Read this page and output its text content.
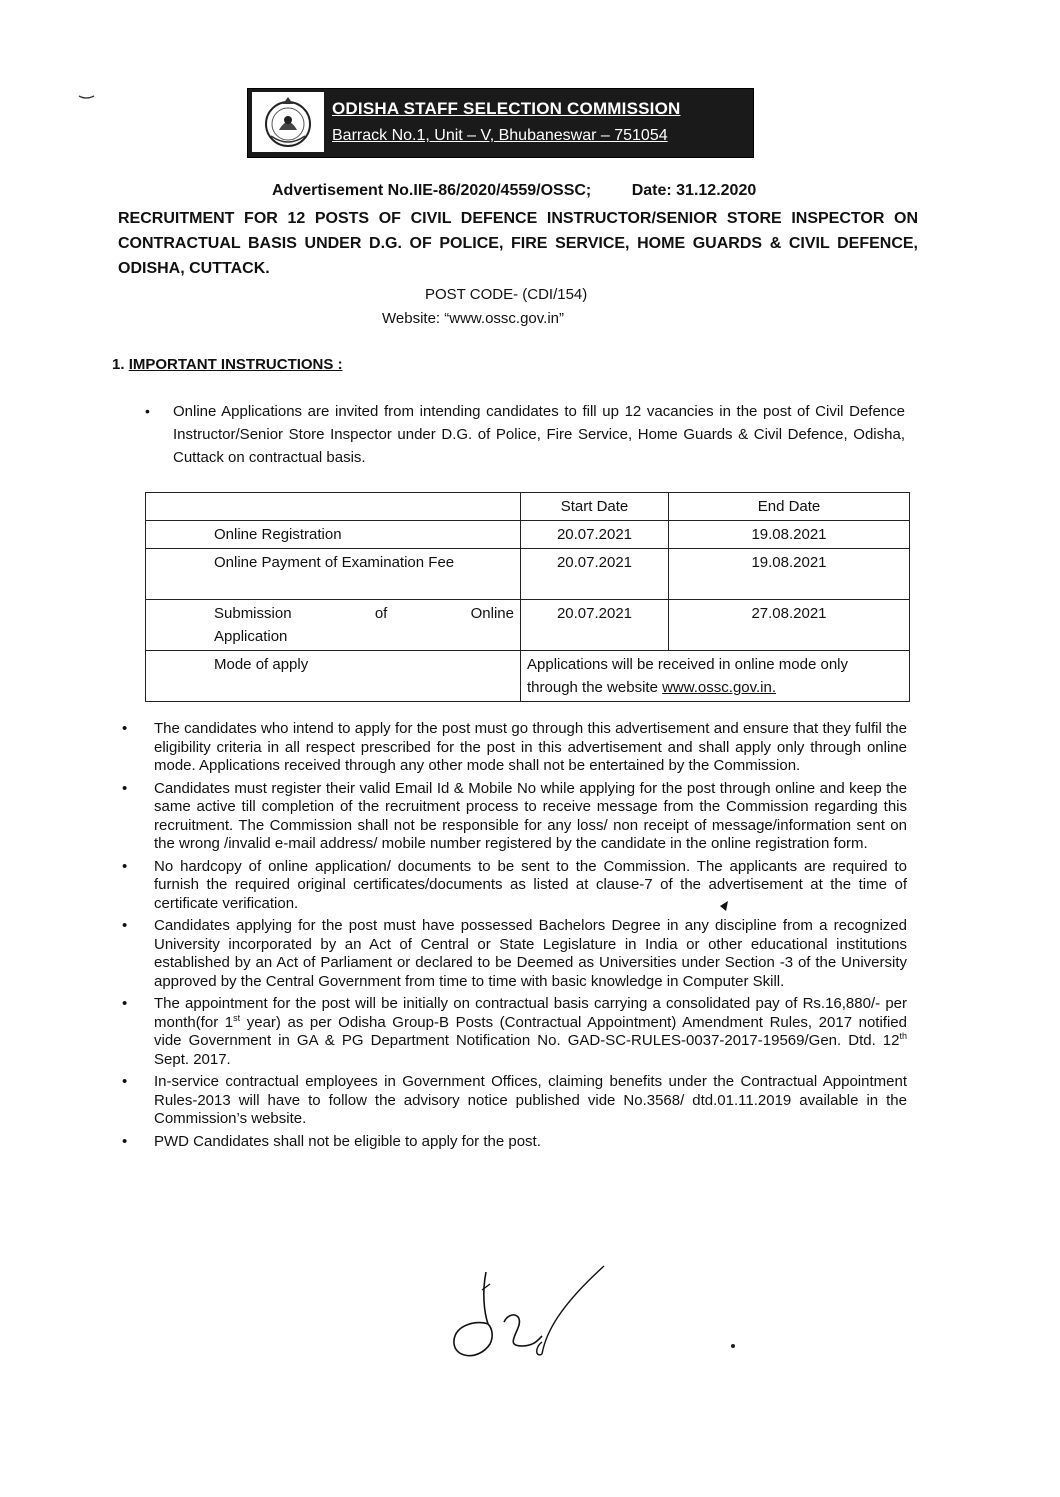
ODISHA STAFF SELECTION COMMISSION
Barrack No.1, Unit – V, Bhubaneswar – 751054
Advertisement No.IIE-86/2020/4559/OSSC;	Date: 31.12.2020
RECRUITMENT FOR 12 POSTS OF CIVIL DEFENCE INSTRUCTOR/SENIOR STORE INSPECTOR ON CONTRACTUAL BASIS UNDER D.G. OF POLICE, FIRE SERVICE, HOME GUARDS & CIVIL DEFENCE, ODISHA, CUTTACK.
POST CODE- (CDI/154)
Website: “www.ossc.gov.in”
1. IMPORTANT INSTRUCTIONS :
• Online Applications are invited from intending candidates to fill up 12 vacancies in the post of Civil Defence Instructor/Senior Store Inspector under D.G. of Police, Fire Service, Home Guards & Civil Defence, Odisha, Cuttack on contractual basis.
	Start Date	End Date
Online Registration	20.07.2021	19.08.2021
Online Payment of Examination Fee	20.07.2021	19.08.2021

Submission of Online
Application	20.07.2021	27.08.2021
Mode of apply	Applications will be received in online mode only through the website www.ossc.gov.in.	
• The candidates who intend to apply for the post must go through this advertisement and ensure that they fulfil the eligibility criteria in all respect prescribed for the post in this advertisement and shall apply only through online mode. Applications received through any other mode shall not be entertained by the Commission.
• Candidates must register their valid Email Id & Mobile No while applying for the post through online and keep the same active till completion of the recruitment process to receive message from the Commission regarding this recruitment. The Commission shall not be responsible for any loss/ non receipt of message/information sent on the wrong /invalid e-mail address/ mobile number registered by the candidate in the online registration form.
• No hardcopy of online application/ documents to be sent to the Commission. The applicants are required to furnish the required original certificates/documents as listed at clause-7 of the advertisement at the time of certificate verification.
• Candidates applying for the post must have possessed Bachelors Degree in any discipline from a recognized University incorporated by an Act of Central or State Legislature in India or other educational institutions established by an Act of Parliament or declared to be Deemed as Universities under Section -3 of the University approved by the Central Government from time to time with basic knowledge in Computer Skill.
• The appointment for the post will be initially on contractual basis carrying a consolidated pay of Rs.16,880/- per month(for 1st year) as per Odisha Group-B Posts (Contractual Appointment) Amendment Rules, 2017 notified vide Government in GA & PG Department Notification No. GAD-SC-RULES-0037-2017-19569/Gen. Dtd. 12th Sept. 2017.
• In-service contractual employees in Government Offices, claiming benefits under the Contractual Appointment Rules-2013 will have to follow the advisory notice published vide No.3568/ dtd.01.11.2019 available in the Commission’s website.
• PWD Candidates shall not be eligible to apply for the post.
